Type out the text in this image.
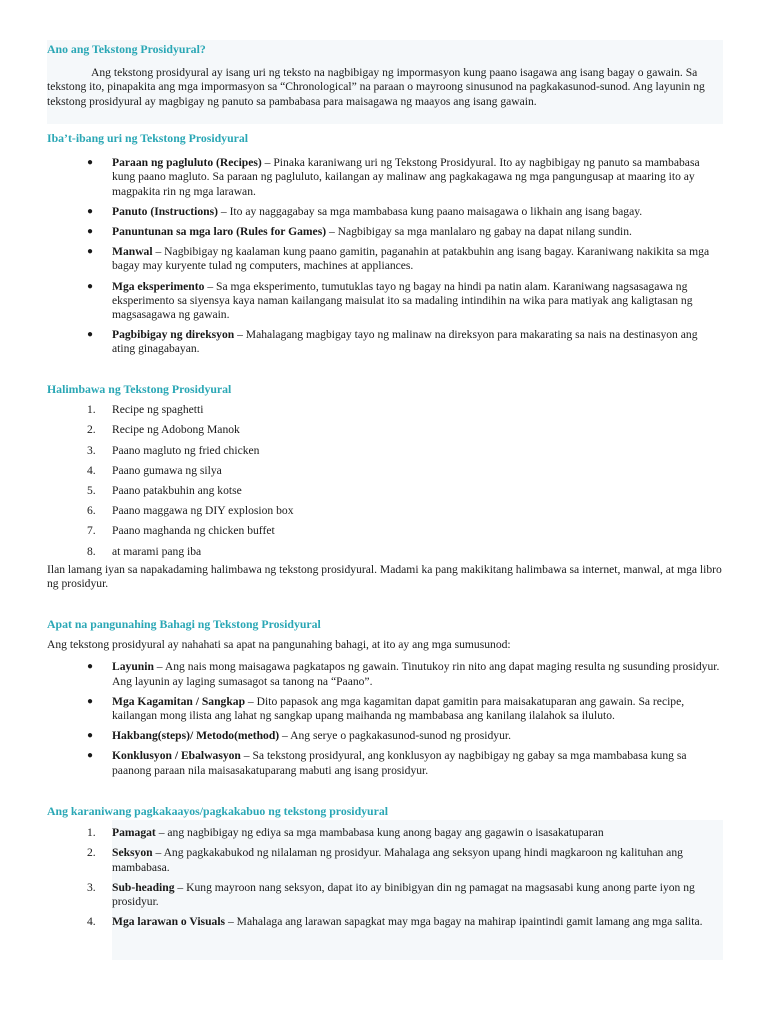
Ano ang Tekstong Prosidyural?

Ang tekstong prosidyural ay isang uri ng teksto na nagbibigay ng impormasyon kung paano isagawa ang isang bagay o gawain. Sa tekstong ito, pinapakita ang mga impormasyon sa “Chronological” na paraan o mayroong sinusunod na pagkakasunod-sunod. Ang layunin ng tekstong prosidyural ay magbigay ng panuto sa pambabasa para maisagawa ng maayos ang isang gawain.

Iba’t-ibang uri ng Tekstong Prosidyural

● Paraan ng pagluluto (Recipes) – Pinaka karaniwang uri ng Tekstong Prosidyural. Ito ay nagbibigay ng panuto sa mambabasa kung paano magluto. Sa paraan ng pagluluto, kailangan ay malinaw ang pagkakagawa ng mga pangungusap at maaring ito ay magpakita rin ng mga larawan.
● Panuto (Instructions) – Ito ay naggagabay sa mga mambabasa kung paano maisagawa o likhain ang isang bagay.
● Panuntunan sa mga laro (Rules for Games) – Nagbibigay sa mga manlalaro ng gabay na dapat nilang sundin.
● Manwal – Nagbibigay ng kaalaman kung paano gamitin, paganahin at patakbuhin ang isang bagay. Karaniwang nakikita sa mga bagay may kuryente tulad ng computers, machines at appliances.
● Mga eksperimento – Sa mga eksperimento, tumutuklas tayo ng bagay na hindi pa natin alam. Karaniwang nagsasagawa ng eksperimento sa siyensya kaya naman kailangang maisulat ito sa madaling intindihin na wika para matiyak ang kaligtasan ng magsasagawa ng gawain.
● Pagbibigay ng direksyon – Mahalagang magbigay tayo ng malinaw na direksyon para makarating sa nais na destinasyon ang ating ginagabayan.

Halimbawa ng Tekstong Prosidyural

1. Recipe ng spaghetti
2. Recipe ng Adobong Manok
3. Paano magluto ng fried chicken
4. Paano gumawa ng silya
5. Paano patakbuhin ang kotse
6. Paano maggawa ng DIY explosion box
7. Paano maghanda ng chicken buffet
8. at marami pang iba

Ilan lamang iyan sa napakadaming halimbawa ng tekstong prosidyural. Madami ka pang makikitang halimbawa sa internet, manwal, at mga libro ng prosidyur.

Apat na pangunahing Bahagi ng Tekstong Prosidyural

Ang tekstong prosidyural ay nahahati sa apat na pangunahing bahagi, at ito ay ang mga sumusunod:

● Layunin – Ang nais mong maisagawa pagkatapos ng gawain. Tinutukoy rin nito ang dapat maging resulta ng susunding prosidyur. Ang layunin ay laging sumasagot sa tanong na “Paano”.
● Mga Kagamitan / Sangkap – Dito papasok ang mga kagamitan dapat gamitin para maisakatuparan ang gawain. Sa recipe, kailangan mong ilista ang lahat ng sangkap upang maihanda ng mambabasa ang kanilang ilalahok sa iluluto.
● Hakbang(steps)/ Metodo(method) – Ang serye o pagkakasunod-sunod ng prosidyur.
● Konklusyon / Ebalwasyon – Sa tekstong prosidyural, ang konklusyon ay nagbibigay ng gabay sa mga mambabasa kung sa paanong paraan nila maisasakatuparang mabuti ang isang prosidyur.

Ang karaniwang pagkakaayos/pagkakabuo ng tekstong prosidyural

1. Pamagat – ang nagbibigay ng ediya sa mga mambabasa kung anong bagay ang gagawin o isasakatuparan
2. Seksyon – Ang pagkakabukod ng nilalaman ng prosidyur. Mahalaga ang seksyon upang hindi magkaroon ng kalituhan ang mambabasa.
3. Sub-heading – Kung mayroon nang seksyon, dapat ito ay binibigyan din ng pamagat na magsasabi kung anong parte iyon ng prosidyur.
4. Mga larawan o Visuals – Mahalaga ang larawan sapagkat may mga bagay na mahirap ipaintindi gamit lamang ang mga salita.
